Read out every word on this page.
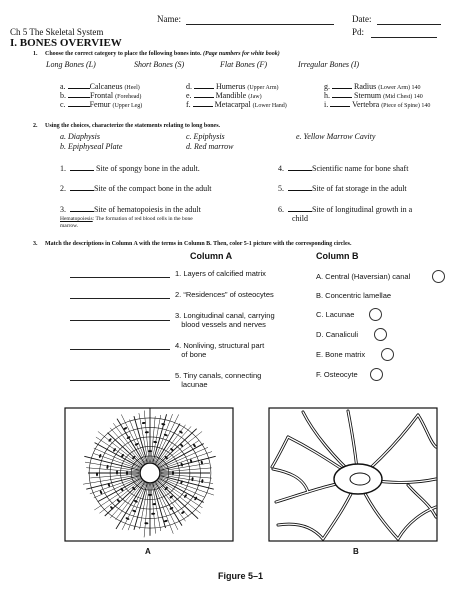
Name:	Date:
Ch 5 The Skeletal System	Pd:
I. BONES OVERVIEW
1. Choose the correct category to place the following bones into. (Page numbers for white book)
Long Bones (L)	Short Bones (S)	Flat Bones (F)	Irregular Bones (I)
a.	Calcaneus (Heel)
b.	Frontal (Forehead)
c.	Femur (Upper Leg)
d.	Humerus (Upper Arm)
e.	Mandible (Jaw)
f.	Metacarpal (Lower Hand)
g.	Radius (Lower Arm) 140
h.	Sternum (Mid Chest) 140
i.	Vertebra (Piece of Spine) 140
2. Using the choices, characterize the statements relating to long bones.
a. Diaphysis	c. Epiphysis	e. Yellow Marrow Cavity
b. Epiphyseal Plate	d. Red marrow
1.	Site of spongy bone in the adult.
2.	Site of the compact bone in the adult
3.	Site of hematopoiesis in the adult
Hematopoiesis: The formation of red blood cells in the bone
marrow.
4.	Scientific name for bone shaft
5.	Site of fat storage in the adult
6.	Site of longitudinal growth in a
child
3. Match the descriptions in Column A with the terms in Column B. Then, color 5-1 picture with the corresponding circles.
Column A	Column B
1. Layers of calcified matrix
2. “Residences” of osteocytes
3. Longitudinal canal, carrying
blood vessels and nerves
4. Nonliving, structural part
of bone
5. Tiny canals, connecting
lacunae
A. Central (Haversian) canal
B. Concentric lamellae
C. Lacunae
D. Canaliculi
E. Bone matrix
F. Osteocyte
A	B
Figure 5–1
